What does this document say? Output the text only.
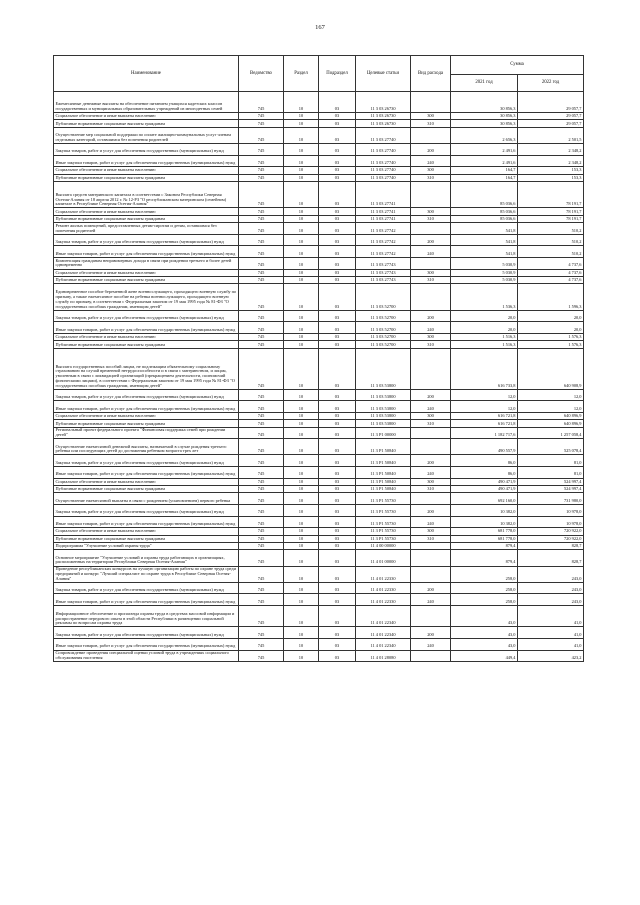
167
Наименование	Ведомство	Раздел	Подраздел	Целевые статьи	Вид расхода	Сумма	
						2021 год	2022 год
Ежемесячные денежные выплаты на обеспечение питанием учащихся кадетских классов государственных и муниципальных образовательных учреждений из многодетных семей	745	10	03	11 3 03 26730		30 856,3	29 057,7
Социальное обеспечение и иные выплаты населению	745	10	03	11 3 03 26730	300	30 856,3	29 057,7
Публичные нормативные социальные выплаты гражданам	745	10	03	11 3 03 26730	310	30 856,3	29 057,7
Осуществление мер социальной поддержки по оплате жилищно-коммунальных услуг членам отдельных категорий, оставшимся без попечения родителей	745	10	03	11 3 03 27740		2 656,3	2 501,5
Закупка товаров, работ и услуг для обеспечения государственных (муниципальных) нужд	745	10	03	11 3 03 27740	200	2 491,6	2 348,2
Иные закупки товаров, работ и услуг для обеспечения государственных (муниципальных) нужд	745	10	03	11 3 03 27740	240	2 491,6	2 348,2
Социальное обеспечение и иные выплаты населению	745	10	03	11 3 03 27740	300	164,7	153,3
Публичные нормативные социальные выплаты гражданам	745	10	03	11 3 03 27740	310	164,7	153,3
Выплата средств материнского капитала в соответствии с Законом Республики Северная Осетия-Алания от 18 апреля 2012 г. № 12-РЗ "О республиканском материнском (семейном) капитале в Республике Северная Осетия-Алания"	745	10	03	11 3 03 27741		85 036,6	78 191,7
Социальное обеспечение и иные выплаты населению	745	10	03	11 3 03 27741	300	85 036,6	78 191,7
Публичные нормативные социальные выплаты гражданам	745	10	03	11 3 03 27741	310	85 036,6	78 191,7
Ремонт жилых помещений, предоставленных детям-сиротам и детям, оставшимся без попечения родителей	745	10	03	11 3 03 27742		541,8	510,2
Закупка товаров, работ и услуг для обеспечения государственных (муниципальных) нужд	745	10	03	11 3 03 27742	200	541,8	510,2
Иные закупки товаров, работ и услуг для обеспечения государственных (муниципальных) нужд	745	10	03	11 3 03 27742	240	541,8	510,2
Компенсация гражданам неправомерных дохода в связи при рождении третьего и более детей одновременно	745	10	03	11 3 03 27743		5 030,9	4 737,6
Социальное обеспечение и иные выплаты населению	745	10	03	11 3 03 27743	300	5 030,9	4 737,6
Публичные нормативные социальные выплаты гражданам	745	10	03	11 3 03 27743	310	5 030,9	4 737,6
Единовременное пособие беременной жене военнослужащего, проходящего военную службу по призыву, а также ежемесячное пособие на ребенка военнослужащего, проходящего военную службу по призыву, в соответствии с Федеральным законом от 19 мая 1995 года № 81-ФЗ "О государственных пособиях гражданам, имеющим детей"	745	10	03	11 3 03 52700		1 536,3	1 596,3
Закупка товаров, работ и услуг для обеспечения государственных (муниципальных) нужд	745	10	03	11 3 03 52700	200	20,0	20,0
Иные закупки товаров, работ и услуг для обеспечения государственных (муниципальных) нужд	745	10	03	11 3 03 52700	240	20,0	20,0
Социальное обеспечение и иные выплаты населению	745	10	03	11 3 03 52700	300	1 516,3	1 576,3
Публичные нормативные социальные выплаты гражданам	745	10	03	11 3 03 52700	310	1 516,3	1 576,3
Выплата государственных пособий лицам, не подлежащим обязательному социальному страхованию на случай временной нетрудоспособности и в связи с материнством, и лицам, уволенным в связи с ликвидацией организаций (прекращением деятельности, полномочий физическими лицами), в соответствии с Федеральным законом от 19 мая 1995 года № 81-ФЗ "О государственных пособиях гражданам, имеющим детей"	745	10	03	11 3 03 53800		616 733,8	640 908,9
Закупка товаров, работ и услуг для обеспечения государственных (муниципальных) нужд	745	10	03	11 3 03 53800	200	12,0	12,0
Иные закупки товаров, работ и услуг для обеспечения государственных (муниципальных) нужд	745	10	03	11 3 03 53800	240	12,0	12,0
Социальное обеспечение и иные выплаты населению	745	10	03	11 3 03 53800	300	616 721,8	640 896,9
Публичные нормативные социальные выплаты гражданам	745	10	03	11 3 03 53800	310	616 721,8	640 896,9
Региональный проект федерального проекта "Финансовая поддержка семей при рождении детей"	745	10	03	11 3 P1 00000		1 182 717,6	1 257 058,4
Осуществление ежемесячной денежной выплаты, назначаемой в случае рождения третьего ребенка или последующих детей до достижения ребенком возраста трех лет	745	10	03	11 3 P1 50840		490 557,9	525 078,4
Закупка товаров, работ и услуг для обеспечения государственных (муниципальных) нужд	745	10	03	11 3 P1 50840	200	86,0	81,0
Иные закупки товаров, работ и услуг для обеспечения государственных (муниципальных) нужд	745	10	03	11 3 P1 50840	240	86,0	81,0
Социальное обеспечение и иные выплаты населению	745	10	03	11 3 P1 50840	300	490 471,9	524 997,4
Публичные нормативные социальные выплаты гражданам	745	10	03	11 3 P1 50840	310	490 471,9	524 997,4
Осуществление ежемесячной выплаты в связи с рождением (усыновлением) первого ребенка	745	10	03	11 3 P1 55730		692 160,0	731 980,0
Закупка товаров, работ и услуг для обеспечения государственных (муниципальных) нужд	745	10	03	11 3 P1 55730	200	10 382,0	10 978,0
Иные закупки товаров, работ и услуг для обеспечения государственных (муниципальных) нужд	745	10	03	11 3 P1 55730	240	10 382,0	10 978,0
Социальное обеспечение и иные выплаты населению	745	10	03	11 3 P1 55730	300	681 778,0	720 922,0
Публичные нормативные социальные выплаты гражданам	745	10	03	11 3 P1 55730	310	681 778,0	720 922,0
Подпрограмма "Улучшение условий охраны труда"	745	10	03	11 4 00 00000		879,4	828,7
Основное мероприятие "Улучшение условий и охраны труда работающих в организациях, расположенных на территории Республики Северная Осетия-Алания"	745	10	03	11 4 01 00000		879,4	828,7
Проведение республиканских конкурсов на лучшую организацию работы по охране труда среди предприятий и конкурс "Лучший специалист по охране труда в Республике Северная Осетия-Алания"	745	10	03	11 4 01 22330		258,0	243,0
Закупка товаров, работ и услуг для обеспечения государственных (муниципальных) нужд	745	10	03	11 4 01 22330	200	258,0	243,0
Иные закупки товаров, работ и услуг для обеспечения государственных (муниципальных) нужд	745	10	03	11 4 01 22330	240	258,0	243,0
Информационное обеспечение и пропаганда охраны труда в средствах массовой информации и распространение передового опыта в этой области Республики в размещении социальной рекламы по вопросам охраны труда	745	10	03	11 4 01 22340		43,0	41,0
Закупка товаров, работ и услуг для обеспечения государственных (муниципальных) нужд	745	10	03	11 4 01 22340	200	43,0	41,0
Иные закупки товаров, работ и услуг для обеспечения государственных (муниципальных) нужд	745	10	03	11 4 01 22340	240	43,0	41,0
Сопровождение проведения специальной оценки условий труда в учреждениях социального обслуживания населения	745	10	03	11 4 01 28080		449,4	423,2
